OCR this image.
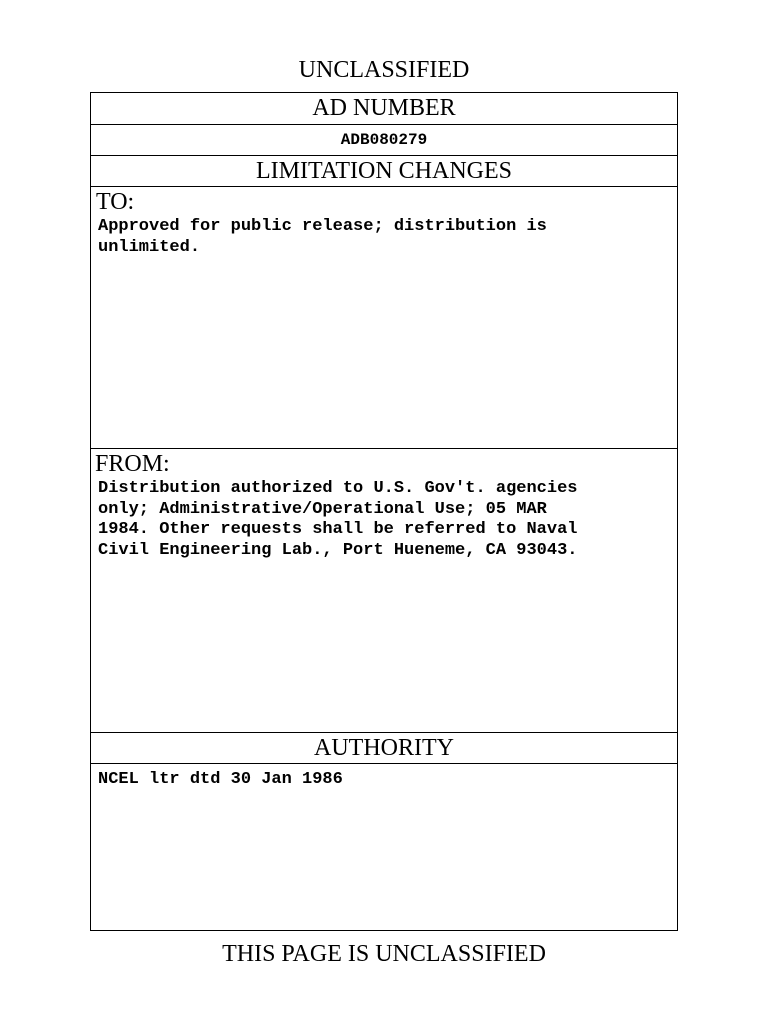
UNCLASSIFIED
AD NUMBER
ADB080279
LIMITATION CHANGES
TO:
Approved for public release; distribution is
unlimited.
FROM:
Distribution authorized to U.S. Gov't. agencies
only; Administrative/Operational Use; 05 MAR
1984. Other requests shall be referred to Naval
Civil Engineering Lab., Port Hueneme, CA 93043.
AUTHORITY
NCEL ltr dtd 30 Jan 1986
THIS PAGE IS UNCLASSIFIED
